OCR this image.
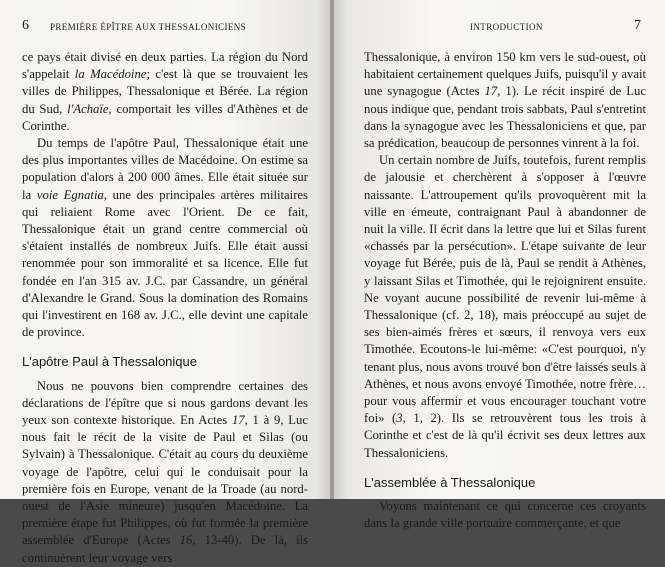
6 PREMIÈRE ÉPÎTRE AUX THESSALONICIENS

ce pays était divisé en deux parties. La région du Nord s'appelait la Macédoine; c'est là que se trouvaient les villes de Philippes, Thessalonique et Bérée. La région du Sud, l'Achaïe, comportait les villes d'Athènes et de Corinthe.

Du temps de l'apôtre Paul, Thessalonique était une des plus importantes villes de Macédoine. On estime sa population d'alors à 200 000 âmes. Elle était située sur la voie Egnatia, une des principales artères militaires qui reliaient Rome avec l'Orient. De ce fait, Thessalonique était un grand centre commercial où s'étaient installés de nombreux Juifs. Elle était aussi renommée pour son immoralité et sa licence. Elle fut fondée en l'an 315 av. J.C. par Cassandre, un général d'Alexandre le Grand. Sous la domination des Romains qui l'investirent en 168 av. J.C., elle devint une capitale de province.

L'apôtre Paul à Thessalonique

Nous ne pouvons bien comprendre certaines des déclarations de l'épître que si nous gardons devant les yeux son contexte historique. En Actes 17, 1 à 9, Luc nous fait le récit de la visite de Paul et Silas (ou Sylvain) à Thessalonique. C'était au cours du deuxième voyage de l'apôtre, celui qui le conduisait pour la première fois en Europe, venant de la Troade (au nord-ouest de l'Asie mineure) jusqu'en Macédoine. La première étape fut Philippes, où fut formée la première assemblée d'Europe (Actes 16, 13-40). De là, ils continuèrent leur voyage vers

INTRODUCTION	7

Thessalonique, à environ 150 km vers le sud-ouest, où habitaient certainement quelques Juifs, puisqu'il y avait une synagogue (Actes 17, 1). Le récit inspiré de Luc nous indique que, pendant trois sabbats, Paul s'entretint dans la synagogue avec les Thessaloniciens et que, par sa prédication, beaucoup de personnes vinrent à la foi.

Un certain nombre de Juifs, toutefois, furent remplis de jalousie et cherchèrent à s'opposer à l'œuvre naissante. L'attroupement qu'ils provoquèrent mit la ville en émeute, contraignant Paul à abandonner de nuit la ville. Il écrit dans la lettre que lui et Silas furent «chassés par la persécution». L'étape suivante de leur voyage fut Bérée, puis de là, Paul se rendit à Athènes, y laissant Silas et Timothée, qui le rejoignirent ensuite. Ne voyant aucune possibilité de revenir lui-même à Thessalonique (cf. 2, 18), mais préoccupé au sujet de ses bien-aimés frères et sœurs, il renvoya vers eux Timothée. Ecoutons-le lui-même: «C'est pourquoi, n'y tenant plus, nous avons trouvé bon d'être laissés seuls à Athènes, et nous avons envoyé Timothée, notre frère… pour vous affermir et vous encourager touchant votre foi» (3, 1, 2). Ils se retrouvèrent tous les trois à Corinthe et c'est de là qu'il écrivit ses deux lettres aux Thessaloniciens.

L'assemblée à Thessalonique

Voyons maintenant ce qui concerne ces croyants dans la grande ville portuaire commerçante, et que
